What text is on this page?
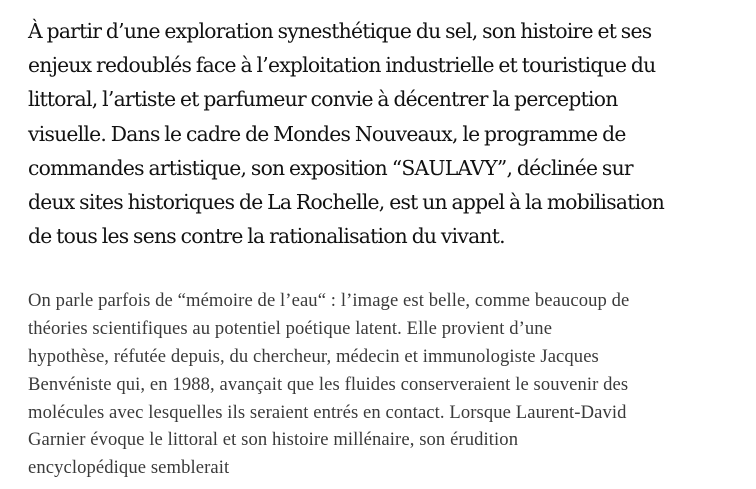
À partir d’une exploration synesthétique du sel, son histoire et ses
enjeux redoublés face à l’exploitation industrielle et touristique du
littoral, l’artiste et parfumeur convie à décentrer la perception
visuelle. Dans le cadre de Mondes Nouveaux, le programme de
commandes artistique, son exposition “SAULAVY”, déclinée sur
deux sites historiques de La Rochelle, est un appel à la mobilisation
de tous les sens contre la rationalisation du vivant.

On parle parfois de “mémoire de l’eau“ : l’image est belle, comme beaucoup de
théories scientifiques au potentiel poétique latent. Elle provient d’une
hypothèse, réfutée depuis, du chercheur, médecin et immunologiste Jacques
Benvéniste qui, en 1988, avançait que les fluides conserveraient le souvenir des
molécules avec lesquelles ils seraient entrés en contact. Lorsque Laurent-David
Garnier évoque le littoral et son histoire millénaire, son érudition
encyclopédique semblerait
